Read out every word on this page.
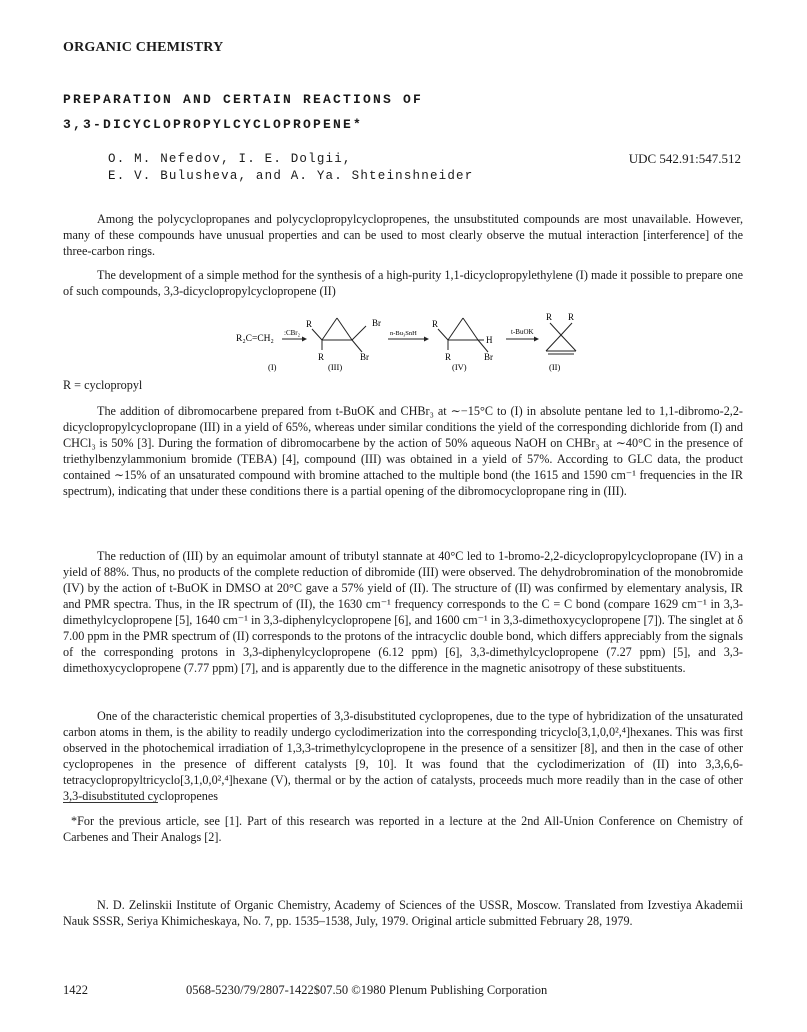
ORGANIC CHEMISTRY
PREPARATION AND CERTAIN REACTIONS OF
3,3-DICYCLOPROPYLCYCLOPROPENE*
O. M. Nefedov, I. E. Dolgii,
E. V. Bulusheva, and A. Ya. Shteinshneider
UDC 542.91:547.512

Among the polycyclopropanes and polycyclopropylcyclopropenes, the unsubstituted compounds are most unavailable. However, many of these compounds have unusual properties and can be used to most clearly observe the mutual interaction [interference] of the three-carbon rings.

The development of a simple method for the synthesis of a high-purity 1,1-dicyclopropylethylene (I) made it possible to prepare one of such compounds, 3,3-dicyclopropylcyclopropene (II)

R₂C=CH₂
:CBr₂
R	Br
R	Br
n-Bu₃SnH
R
H
R	Br
t-BuOK
R R
(I)	(III)	(IV)	(II)
R = cyclopropyl

The addition of dibromocarbene prepared from t-BuOK and CHBr₃ at ∼−15°C to (I) in absolute pentane led to 1,1-dibromo-2,2-dicyclopropylcyclopropane (III) in a yield of 65%, whereas under similar conditions the yield of the corresponding dichloride from (I) and CHCl₃ is 50% [3]. During the formation of dibromocarbene by the action of 50% aqueous NaOH on CHBr₃ at ∼40°C in the presence of triethylbenzylammonium bromide (TEBA) [4], compound (III) was obtained in a yield of 57%. According to GLC data, the product contained ∼15% of an unsaturated compound with bromine attached to the multiple bond (the 1615 and 1590 cm⁻¹ frequencies in the IR spectrum), indicating that under these conditions there is a partial opening of the dibromocyclopropane ring in (III).

The reduction of (III) by an equimolar amount of tributyl stannate at 40°C led to 1-bromo-2,2-dicyclopropylcyclopropane (IV) in a yield of 88%. Thus, no products of the complete reduction of dibromide (III) were observed. The dehydrobromination of the monobromide (IV) by the action of t-BuOK in DMSO at 20°C gave a 57% yield of (II). The structure of (II) was confirmed by elementary analysis, IR and PMR spectra. Thus, in the IR spectrum of (II), the 1630 cm⁻¹ frequency corresponds to the C = C bond (compare 1629 cm⁻¹ in 3,3-dimethylcyclopropene [5], 1640 cm⁻¹ in 3,3-diphenylcyclopropene [6], and 1600 cm⁻¹ in 3,3-dimethoxycyclopropene [7]). The singlet at δ 7.00 ppm in the PMR spectrum of (II) corresponds to the protons of the intracyclic double bond, which differs appreciably from the signals of the corresponding protons in 3,3-diphenylcyclopropene (6.12 ppm) [6], 3,3-dimethylcyclopropene (7.27 ppm) [5], and 3,3-dimethoxycyclopropene (7.77 ppm) [7], and is apparently due to the difference in the magnetic anisotropy of these substituents.

One of the characteristic chemical properties of 3,3-disubstituted cyclopropenes, due to the type of hybridization of the unsaturated carbon atoms in them, is the ability to readily undergo cyclodimerization into the corresponding tricyclo[3,1,0,0²,⁴]hexanes. This was first observed in the photochemical irradiation of 1,3,3-trimethylcyclopropene in the presence of a sensitizer [8], and then in the case of other cyclopropenes in the presence of different catalysts [9, 10]. It was found that the cyclodimerization of (II) into 3,3,6,6-tetracyclopropyltricyclo[3,1,0,0²,⁴]hexane (V), thermal or by the action of catalysts, proceeds much more readily than in the case of other 3,3-disubstituted cyclopropenes

*For the previous article, see [1]. Part of this research was reported in a lecture at the 2nd All-Union Conference on Chemistry of Carbenes and Their Analogs [2].

N. D. Zelinskii Institute of Organic Chemistry, Academy of Sciences of the USSR, Moscow. Translated from Izvestiya Akademii Nauk SSSR, Seriya Khimicheskaya, No. 7, pp. 1535–1538, July, 1979. Original article submitted February 28, 1979.

1422	0568-5230/79/2807-1422$07.50 ©1980 Plenum Publishing Corporation
